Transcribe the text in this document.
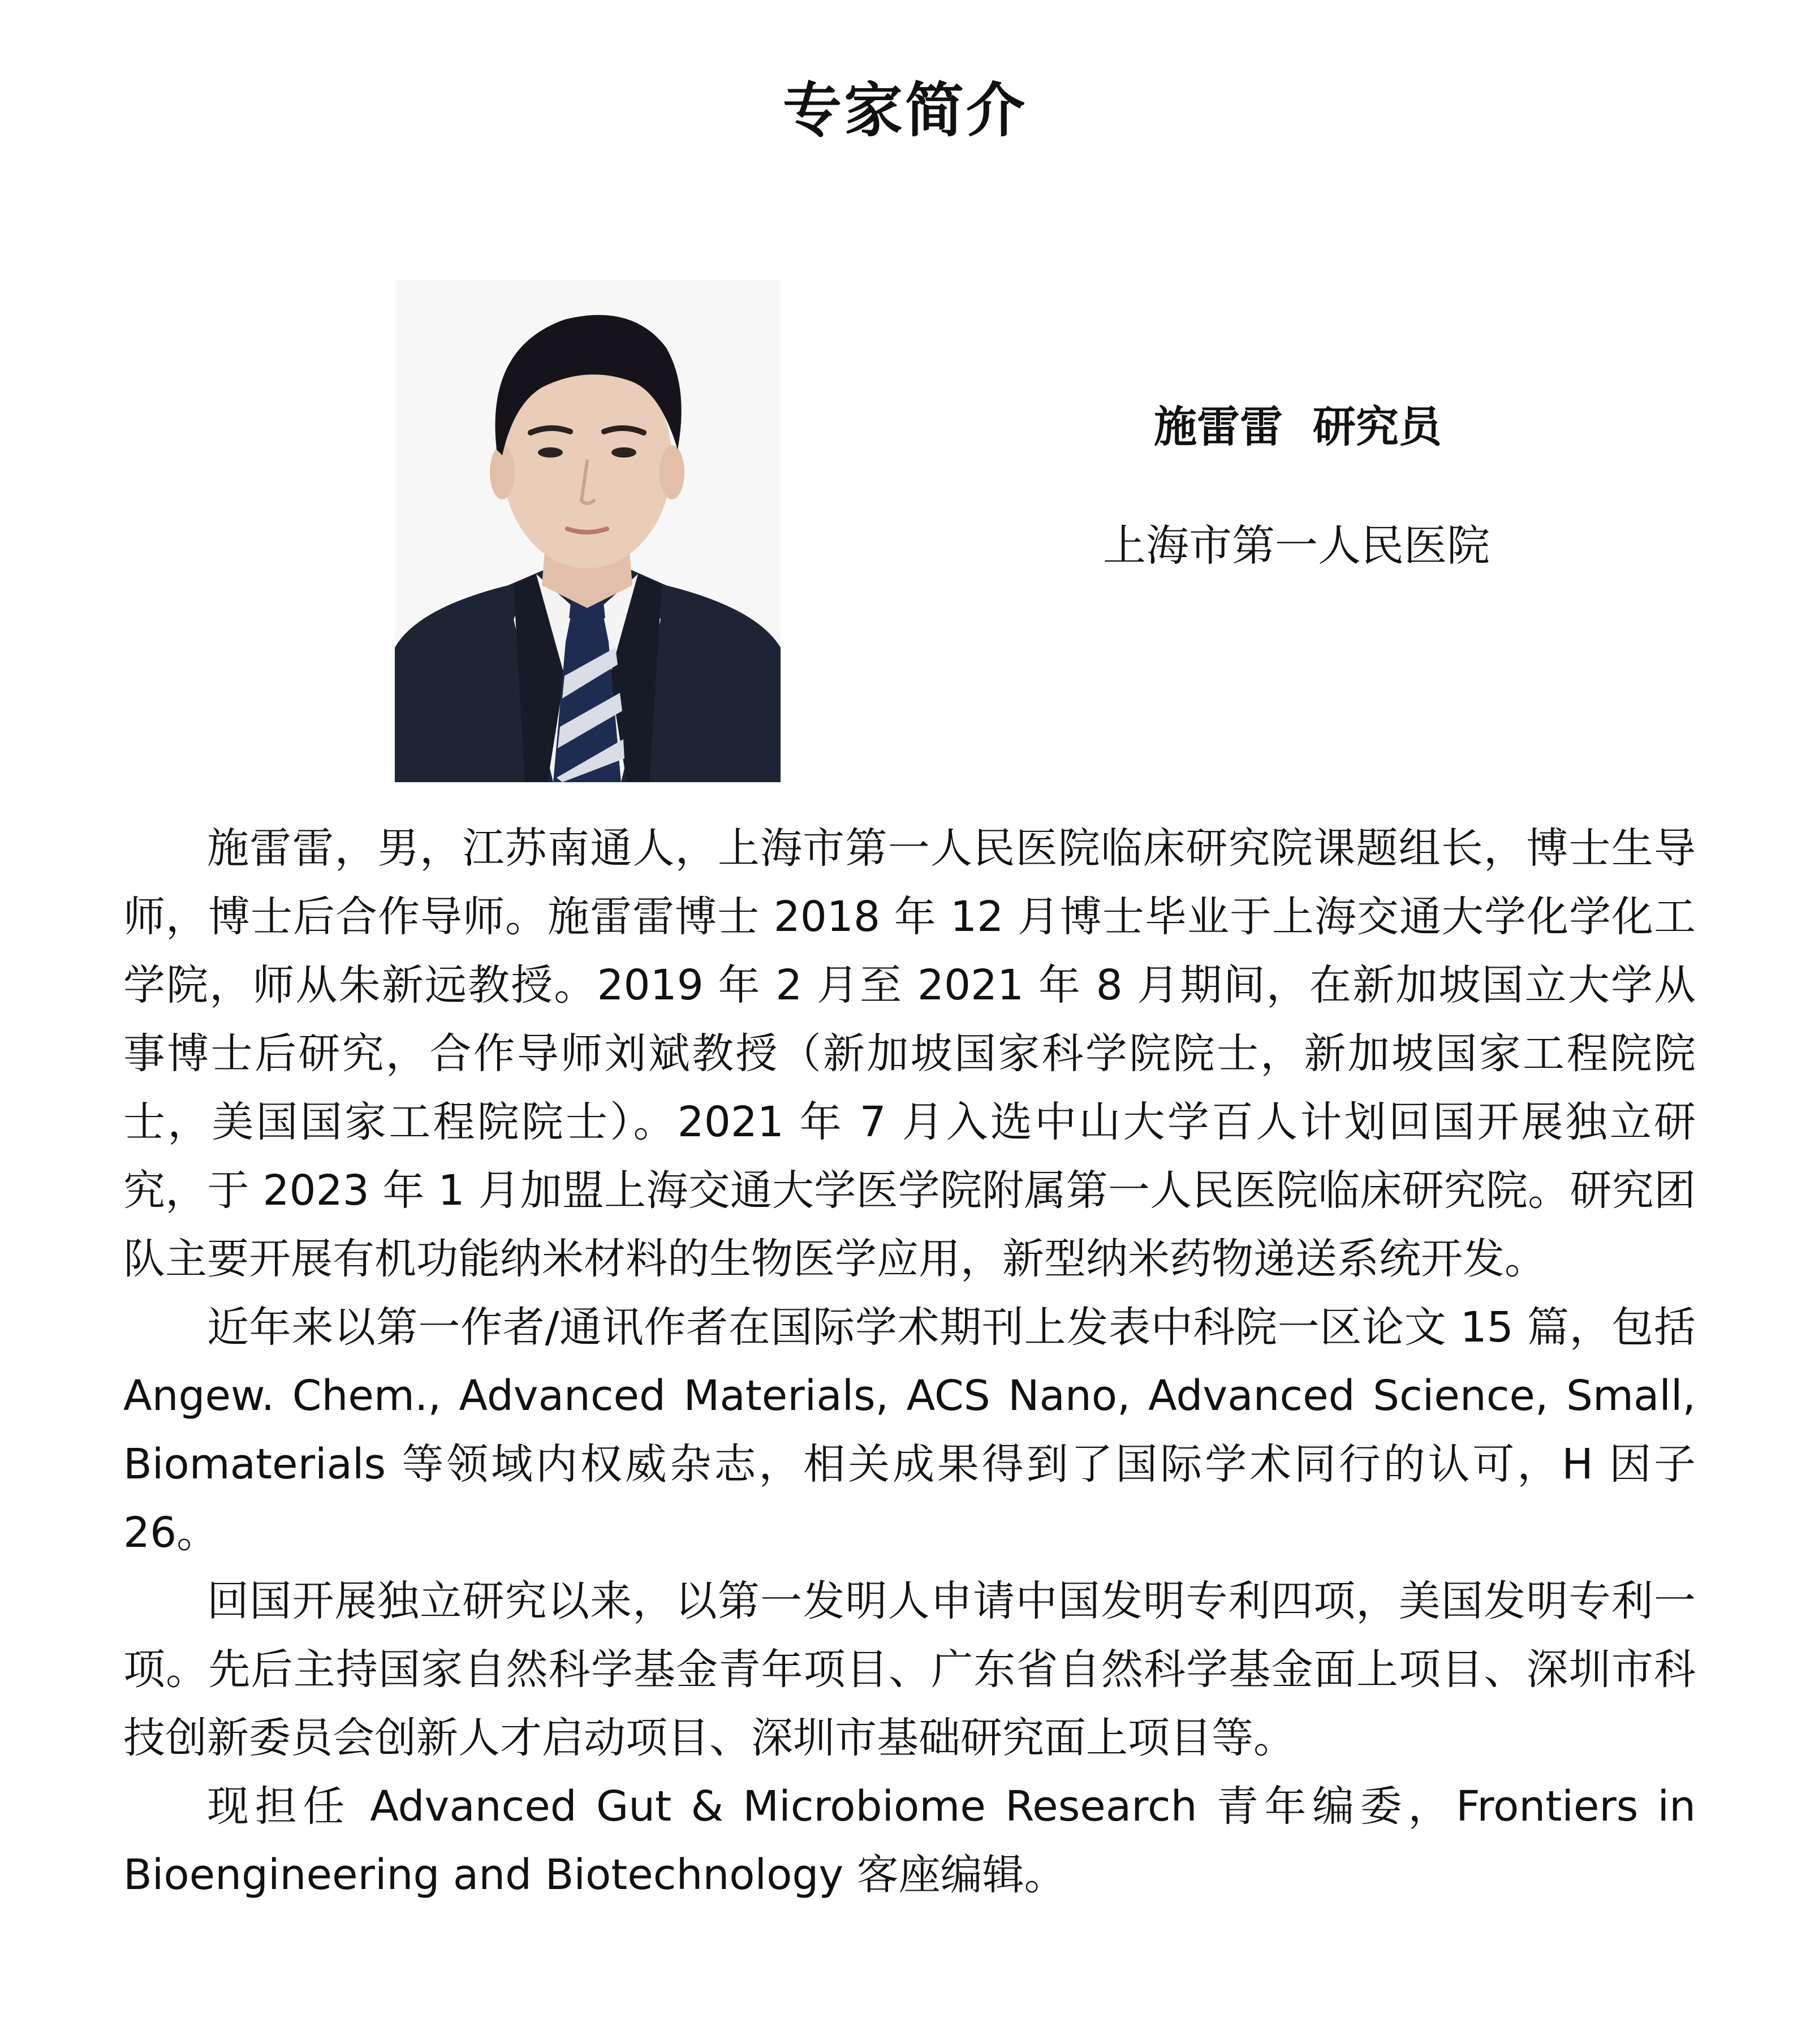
专家简介
施雷雷  研究员
上海市第一人民医院

施雷雷，男，江苏南通人，上海市第一人民医院临床研究院课题组长，博士生导师，博士后合作导师。施雷雷博士 2018 年 12 月博士毕业于上海交通大学化学化工学院，师从朱新远教授。2019 年 2 月至 2021 年 8 月期间，在新加坡国立大学从事博士后研究，合作导师刘斌教授（新加坡国家科学院院士，新加坡国家工程院院士，美国国家工程院院士）。2021 年 7 月入选中山大学百人计划回国开展独立研究，于 2023 年 1 月加盟上海交通大学医学院附属第一人民医院临床研究院。研究团队主要开展有机功能纳米材料的生物医学应用，新型纳米药物递送系统开发。

近年来以第一作者/通讯作者在国际学术期刊上发表中科院一区论文 15 篇，包括 Angew. Chem., Advanced Materials, ACS Nano, Advanced Science, Small, Biomaterials 等领域内权威杂志，相关成果得到了国际学术同行的认可，H 因子 26。

回国开展独立研究以来，以第一发明人申请中国发明专利四项，美国发明专利一项。先后主持国家自然科学基金青年项目、广东省自然科学基金面上项目、深圳市科技创新委员会创新人才启动项目、深圳市基础研究面上项目等。

现担任 Advanced Gut & Microbiome Research 青年编委，Frontiers in Bioengineering and Biotechnology 客座编辑。
